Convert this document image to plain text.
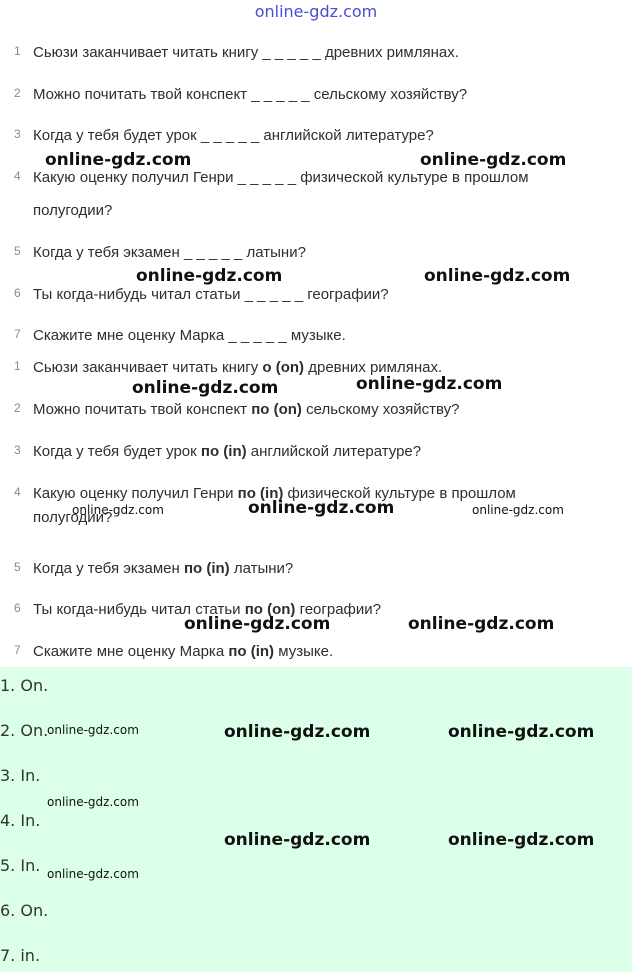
online-gdz.com
1 Сьюзи заканчивает читать книгу _ _ _ _ _ древних римлянах.
2 Можно почитать твой конспект _ _ _ _ _ сельскому хозяйству?
3 Когда у тебя будет урок _ _ _ _ _ английской литературе?
4 Какую оценку получил Генри _ _ _ _ _ физической культуре в прошлом
полугодии?
5 Когда у тебя экзамен _ _ _ _ _ латыни?
6 Ты когда-нибудь читал статьи _ _ _ _ _ географии?
7 Скажите мне оценку Марка _ _ _ _ _ музыке.
1 Сьюзи заканчивает читать книгу о (on) древних римлянах.
2 Можно почитать твой конспект по (on) сельскому хозяйству?
3 Когда у тебя будет урок по (in) английской литературе?
4 Какую оценку получил Генри по (in) физической культуре в прошлом
полугодии?
5 Когда у тебя экзамен по (in) латыни?
6 Ты когда-нибудь читал статьи по (on) географии?
7 Скажите мне оценку Марка по (in) музыке.
1. On.
2. On.
3. In.
4. In.
5. In.
6. On.
7. in.
online-gdz.com	online-gdz.com
online-gdz.com	online-gdz.com
online-gdz.com	online-gdz.com
online-gdz.com	online-gdz.com	online-gdz.com
online-gdz.com	online-gdz.com
online-gdz.com	online-gdz.com	online-gdz.com
online-gdz.com
online-gdz.com	online-gdz.com
online-gdz.com
